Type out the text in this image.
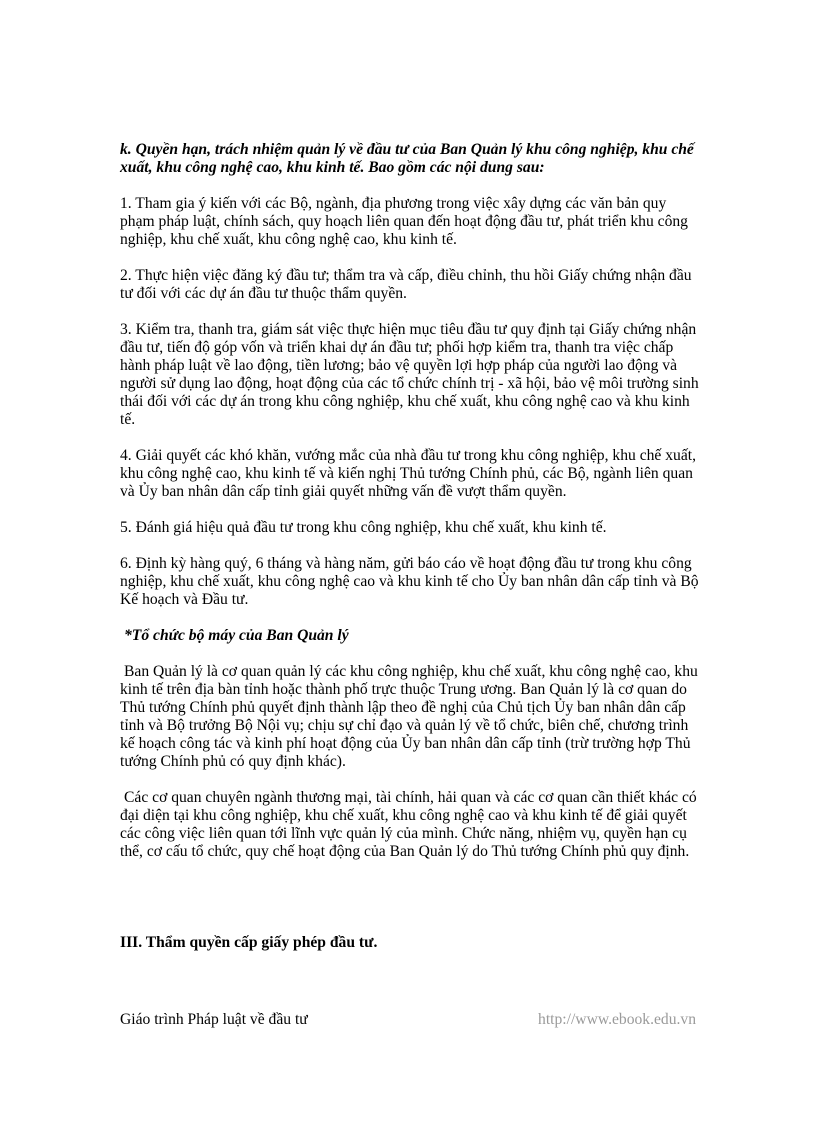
k. Quyền hạn, trách nhiệm quản lý về đầu tư của Ban Quản lý khu công nghiệp, khu chế xuất, khu công nghệ cao, khu kinh tế. Bao gồm các nội dung sau:

1. Tham gia ý kiến với các Bộ, ngành, địa phương trong việc xây dựng các văn bản quy phạm pháp luật, chính sách, quy hoạch liên quan đến hoạt động đầu tư, phát triển khu công nghiệp, khu chế xuất, khu công nghệ cao, khu kinh tế.

2. Thực hiện việc đăng ký đầu tư; thẩm tra và cấp, điều chỉnh, thu hồi Giấy chứng nhận đầu tư đối với các dự án đầu tư thuộc thẩm quyền.

3. Kiểm tra, thanh tra, giám sát việc thực hiện mục tiêu đầu tư quy định tại Giấy chứng nhận đầu tư, tiến độ góp vốn và triển khai dự án đầu tư; phối hợp kiểm tra, thanh tra việc chấp hành pháp luật về lao động, tiền lương; bảo vệ quyền lợi hợp pháp của người lao động và người sử dụng lao động, hoạt động của các tổ chức chính trị - xã hội, bảo vệ môi trường sinh thái đối với các dự án trong khu công nghiệp, khu chế xuất, khu công nghệ cao và khu kinh tế.

4. Giải quyết các khó khăn, vướng mắc của nhà đầu tư trong khu công nghiệp, khu chế xuất, khu công nghệ cao, khu kinh tế và kiến nghị Thủ tướng Chính phủ, các Bộ, ngành liên quan và Ủy ban nhân dân cấp tỉnh giải quyết những vấn đề vượt thẩm quyền.

5. Đánh giá hiệu quả đầu tư trong khu công nghiệp, khu chế xuất, khu kinh tế.

6. Định kỳ hàng quý, 6 tháng và hàng năm, gửi báo cáo về hoạt động đầu tư trong khu công nghiệp, khu chế xuất, khu công nghệ cao và khu kinh tế cho Ủy ban nhân dân cấp tỉnh và Bộ Kế hoạch và Đầu tư.

*Tổ chức bộ máy của Ban Quản lý

Ban Quản lý là cơ quan quản lý các khu công nghiệp, khu chế xuất, khu công nghệ cao, khu kinh tế trên địa bàn tỉnh hoặc thành phố trực thuộc Trung ương. Ban Quản lý là cơ quan do Thủ tướng Chính phủ quyết định thành lập theo đề nghị của Chủ tịch Ủy ban nhân dân cấp tỉnh và Bộ trưởng Bộ Nội vụ; chịu sự chỉ đạo và quản lý về tổ chức, biên chế, chương trình kế hoạch công tác và kinh phí hoạt động của Ủy ban nhân dân cấp tỉnh (trừ trường hợp Thủ tướng Chính phủ có quy định khác).

Các cơ quan chuyên ngành thương mại, tài chính, hải quan và các cơ quan cần thiết khác có đại diện tại khu công nghiệp, khu chế xuất, khu công nghệ cao và khu kinh tế để giải quyết các công việc liên quan tới lĩnh vực quản lý của mình. Chức năng, nhiệm vụ, quyền hạn cụ thể, cơ cấu tổ chức, quy chế hoạt động của Ban Quản lý do Thủ tướng Chính phủ quy định.

III. Thẩm quyền cấp giấy phép đầu tư.

Giáo trình Pháp luật về đầu tư	http://www.ebook.edu.vn
